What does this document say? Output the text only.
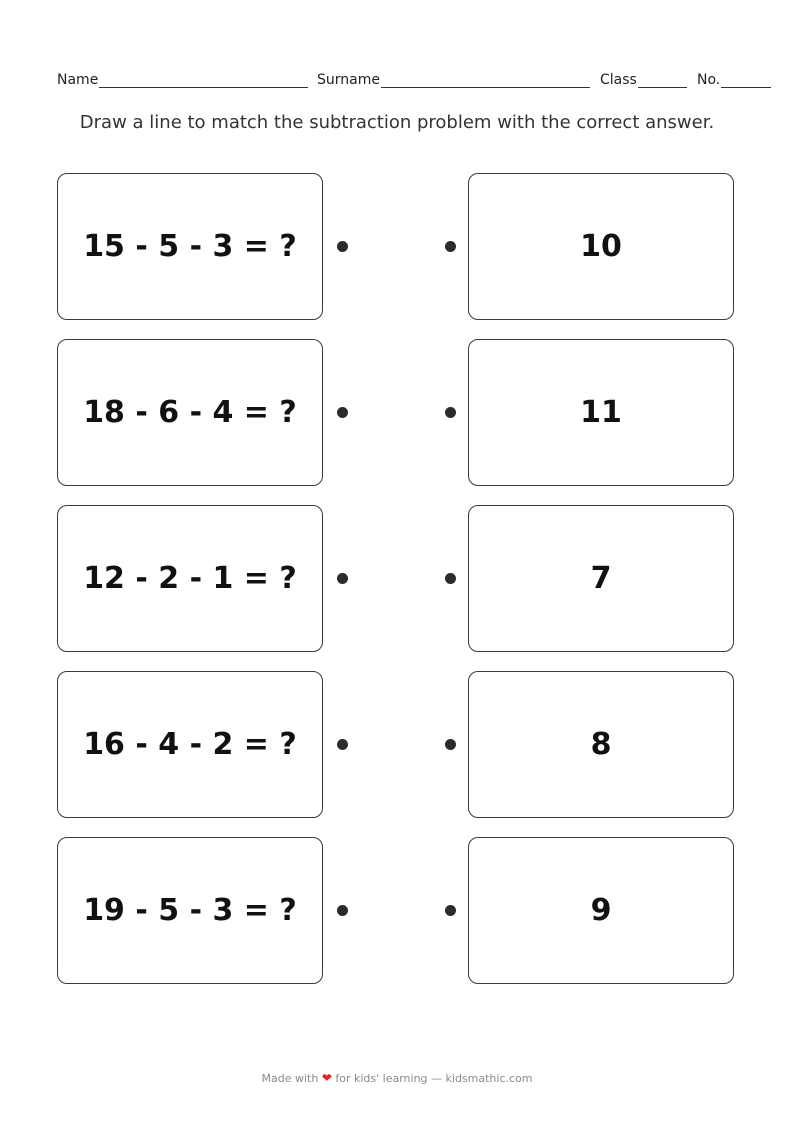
Name	Surname	Class	No.
Draw a line to match the subtraction problem with the correct answer.
15 - 5 - 3 = ?	10
18 - 6 - 4 = ?	11
12 - 2 - 1 = ?	7
16 - 4 - 2 = ?	8
19 - 5 - 3 = ?	9
Made with ❤ for kids' learning — kidsmathic.com
